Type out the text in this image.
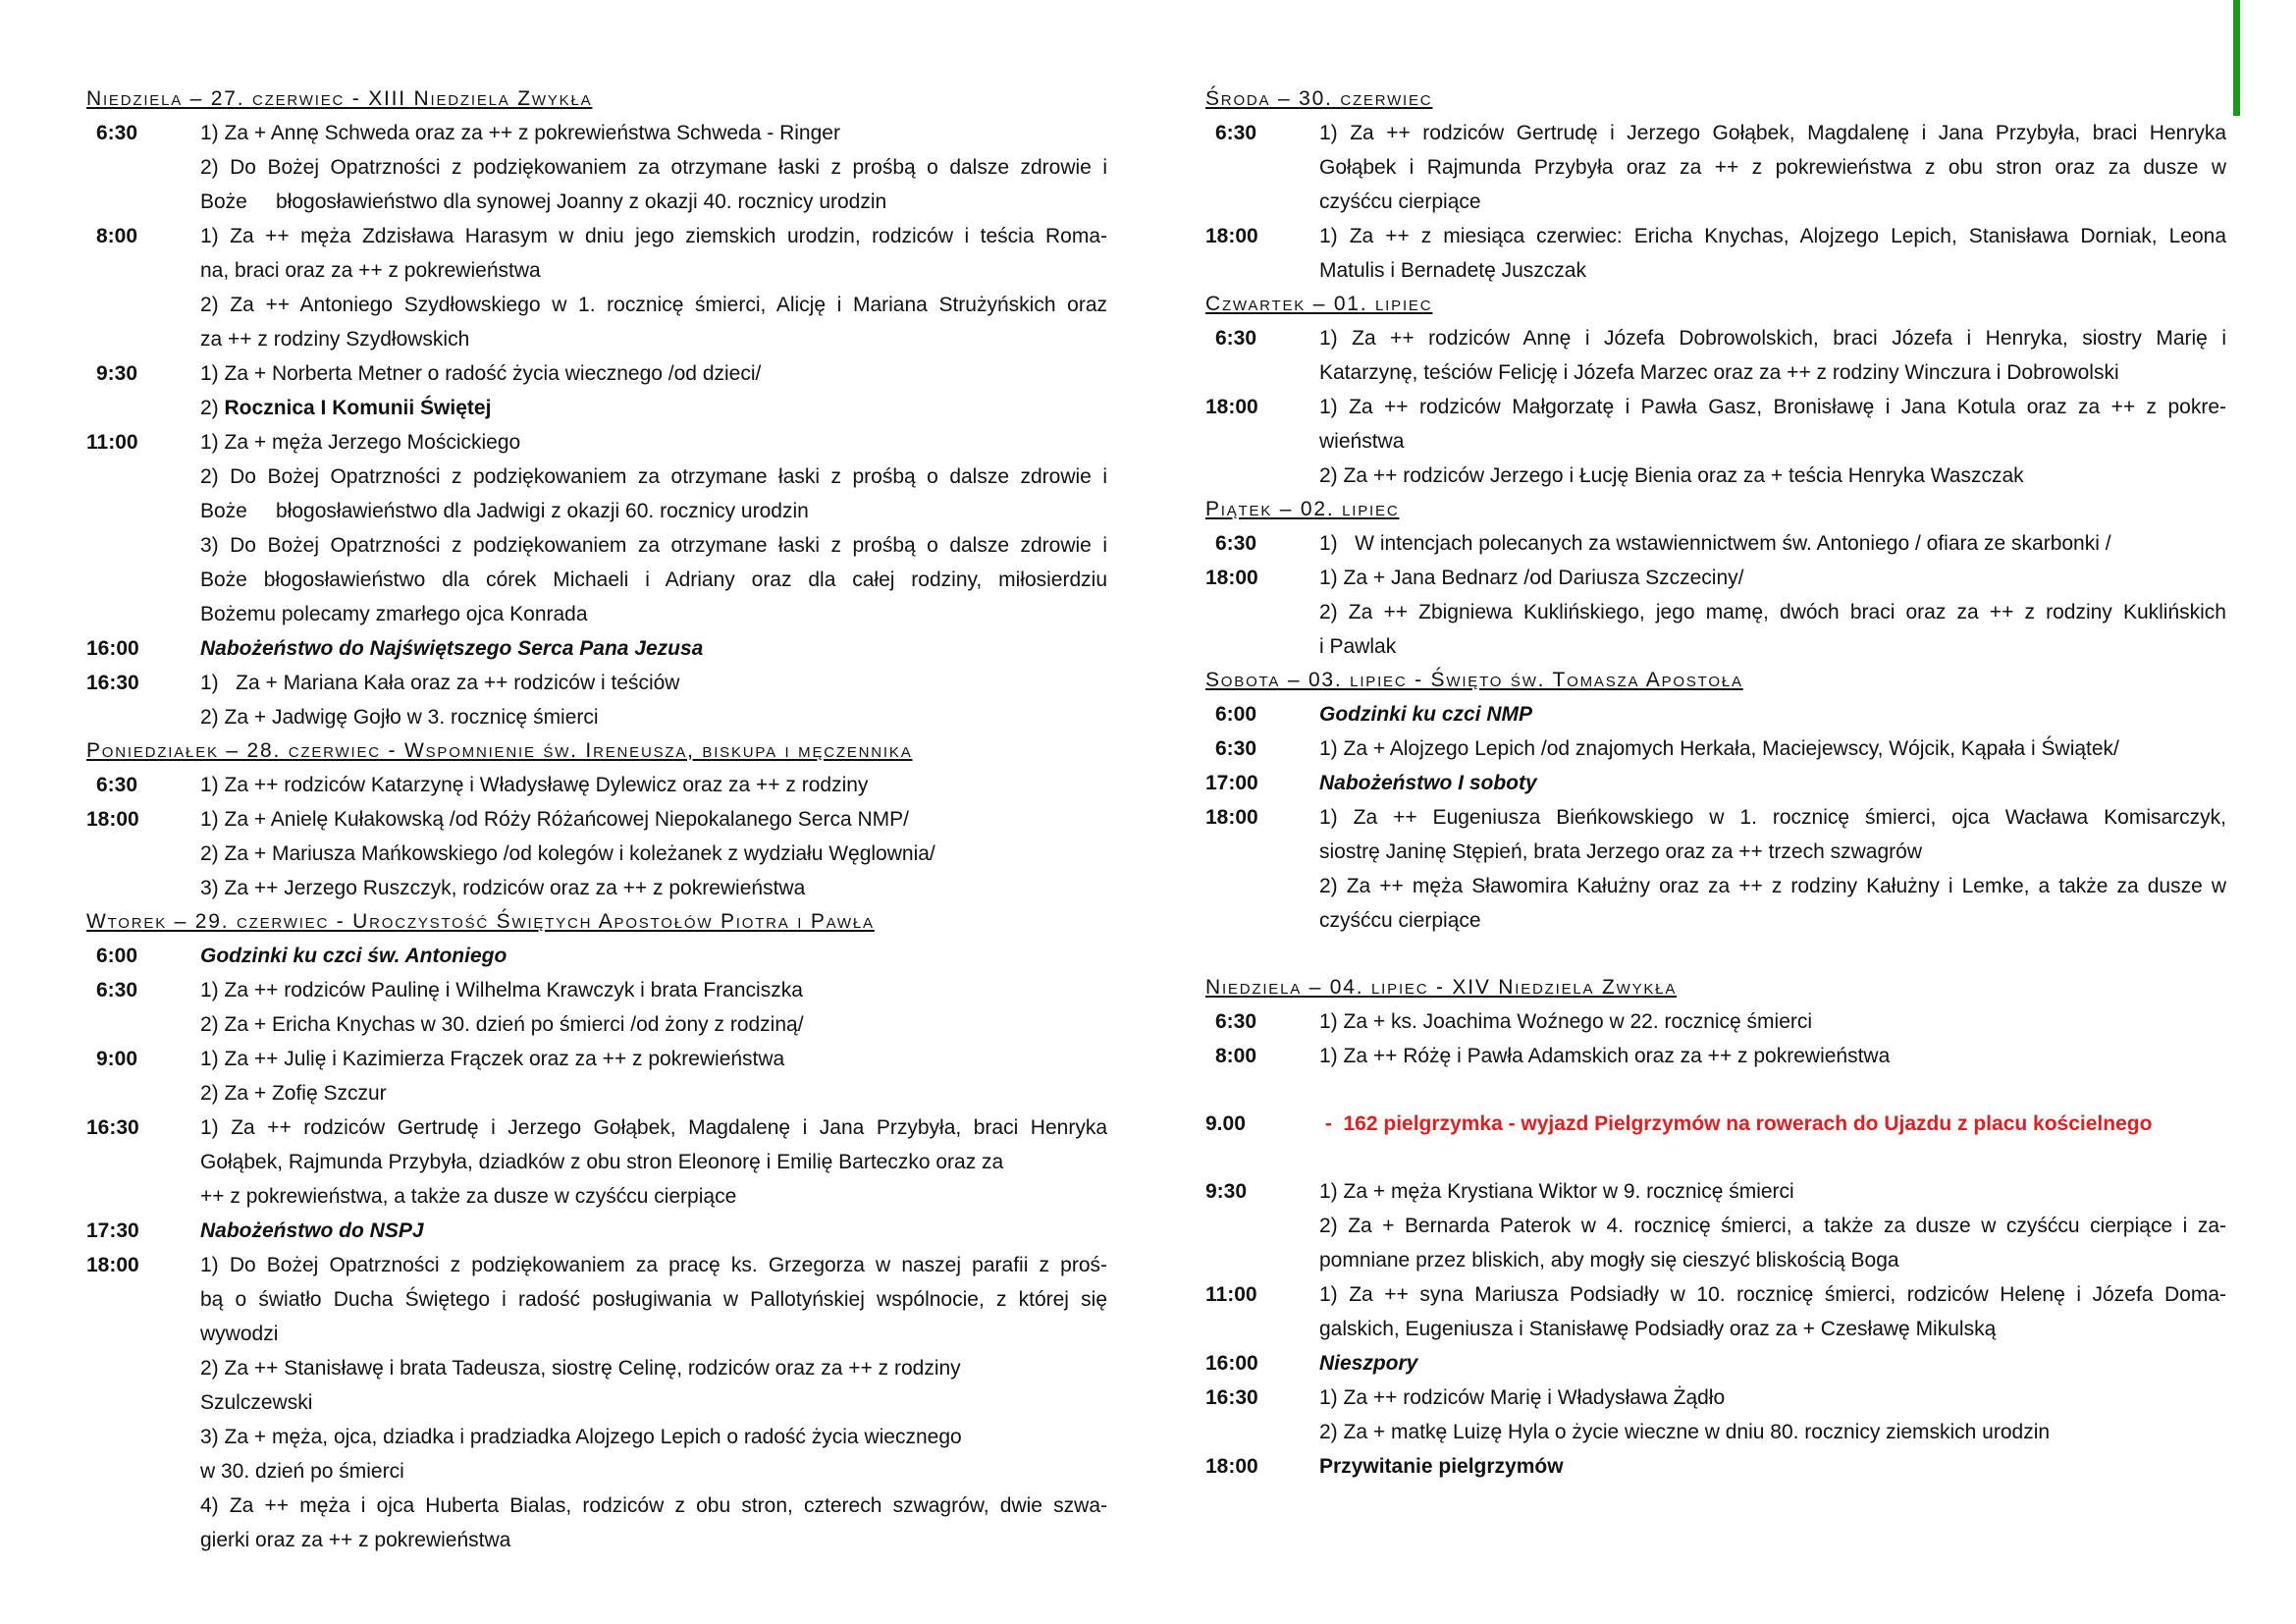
Niedziela – 27. czerwiec - XIII Niedziela Zwykła
6:30	1) Za + Annę Schweda oraz za ++ z pokrewieństwa Schweda - Ringer
2) Do Bożej Opatrzności z podziękowaniem za otrzymane łaski z prośbą o dalsze zdrowie i
Boże     błogosławieństwo dla synowej Joanny z okazji 40. rocznicy urodzin
8:00	1) Za ++ męża Zdzisława Harasym w dniu jego ziemskich urodzin, rodziców i teścia Roma-
na, braci oraz za ++ z pokrewieństwa
2) Za ++ Antoniego Szydłowskiego w 1. rocznicę śmierci, Alicję i Mariana Strużyńskich oraz
za ++ z rodziny Szydłowskich
9:30	1) Za + Norberta Metner o radość życia wiecznego /od dzieci/
2) Rocznica I Komunii Świętej
11:00	1) Za + męża Jerzego Mościckiego
2) Do Bożej Opatrzności z podziękowaniem za otrzymane łaski z prośbą o dalsze zdrowie i
Boże     błogosławieństwo dla Jadwigi z okazji 60. rocznicy urodzin
3) Do Bożej Opatrzności z podziękowaniem za otrzymane łaski z prośbą o dalsze zdrowie i
Boże błogosławieństwo dla córek Michaeli i Adriany oraz dla całej rodziny, miłosierdziu
Bożemu polecamy zmarłego ojca Konrada
16:00	Nabożeństwo do Najświętszego Serca Pana Jezusa
16:30	1)   Za + Mariana Kała oraz za ++ rodziców i teściów
2) Za + Jadwigę Gojło w 3. rocznicę śmierci
Poniedziałek – 28. czerwiec - Wspomnienie św. Ireneusza, biskupa i męczennika
6:30	1) Za ++ rodziców Katarzynę i Władysławę Dylewicz oraz za ++ z rodziny
18:00	1) Za + Anielę Kułakowską /od Róży Różańcowej Niepokalanego Serca NMP/
2) Za + Mariusza Mańkowskiego /od kolegów i koleżanek z wydziału Węglownia/
3) Za ++ Jerzego Ruszczyk, rodziców oraz za ++ z pokrewieństwa
Wtorek – 29. czerwiec - Uroczystość Świętych Apostołów Piotra i Pawła
6:00	Godzinki ku czci św. Antoniego
6:30	1) Za ++ rodziców Paulinę i Wilhelma Krawczyk i brata Franciszka
2) Za + Ericha Knychas w 30. dzień po śmierci /od żony z rodziną/
9:00	1) Za ++ Julię i Kazimierza Frączek oraz za ++ z pokrewieństwa
2) Za + Zofię Szczur
16:30	1) Za ++ rodziców Gertrudę i Jerzego Gołąbek, Magdalenę i Jana Przybyła, braci Henryka
Gołąbek, Rajmunda Przybyła, dziadków z obu stron Eleonorę i Emilię Barteczko oraz za
++ z pokrewieństwa, a także za dusze w czyśćcu cierpiące
17:30	Nabożeństwo do NSPJ
18:00	1) Do Bożej Opatrzności z podziękowaniem za pracę ks. Grzegorza w naszej parafii z proś-
bą o światło Ducha Świętego i radość posługiwania w Pallotyńskiej wspólnocie, z której się
wywodzi
2) Za ++ Stanisławę i brata Tadeusza, siostrę Celinę, rodziców oraz za ++ z rodziny
Szulczewski
3) Za + męża, ojca, dziadka i pradziadka Alojzego Lepich o radość życia wiecznego
w 30. dzień po śmierci
4) Za ++ męża i ojca Huberta Bialas, rodziców z obu stron, czterech szwagrów, dwie szwa-
gierki oraz za ++ z pokrewieństwa
Środa – 30. czerwiec
6:30	1) Za ++ rodziców Gertrudę i Jerzego Gołąbek, Magdalenę i Jana Przybyła, braci Henryka
Gołąbek i Rajmunda Przybyła oraz za ++ z pokrewieństwa z obu stron oraz za dusze w
czyśćcu cierpiące
18:00	1) Za ++ z miesiąca czerwiec: Ericha Knychas, Alojzego Lepich, Stanisława Dorniak, Leona
Matulis i Bernadetę Juszczak
Czwartek – 01. lipiec
6:30	1) Za ++ rodziców Annę i Józefa Dobrowolskich, braci Józefa i Henryka, siostry Marię i
Katarzynę, teściów Felicję i Józefa Marzec oraz za ++ z rodziny Winczura i Dobrowolski
18:00	1) Za ++ rodziców Małgorzatę i Pawła Gasz, Bronisławę i Jana Kotula oraz za ++ z pokre-
wieństwa
2) Za ++ rodziców Jerzego i Łucję Bienia oraz za + teścia Henryka Waszczak
Piątek – 02. lipiec
6:30	1)   W intencjach polecanych za wstawiennictwem św. Antoniego / ofiara ze skarbonki /
18:00	1) Za + Jana Bednarz /od Dariusza Szczeciny/
2) Za ++ Zbigniewa Kuklińskiego, jego mamę, dwóch braci oraz za ++ z rodziny Kuklińskich
i Pawlak
Sobota – 03. lipiec - Święto św. Tomasza Apostoła
6:00	Godzinki ku czci NMP
6:30	1) Za + Alojzego Lepich /od znajomych Herkała, Maciejewscy, Wójcik, Kąpała i Świątek/
17:00	Nabożeństwo I soboty
18:00	1) Za ++ Eugeniusza Bieńkowskiego w 1. rocznicę śmierci, ojca Wacława Komisarczyk,
siostrę Janinę Stępień, brata Jerzego oraz za ++ trzech szwagrów
2) Za ++ męża Sławomira Kałużny oraz za ++ z rodziny Kałużny i Lemke, a także za dusze w
czyśćcu cierpiące
Niedziela – 04. lipiec - XIV Niedziela Zwykła
6:30	1) Za + ks. Joachima Woźnego w 22. rocznicę śmierci
8:00	1) Za ++ Różę i Pawła Adamskich oraz za ++ z pokrewieństwa
9.00	-  162 pielgrzymka - wyjazd Pielgrzymów na rowerach do Ujazdu z placu kościelnego
9:30	1) Za + męża Krystiana Wiktor w 9. rocznicę śmierci
2) Za + Bernarda Paterok w 4. rocznicę śmierci, a także za dusze w czyśćcu cierpiące i za-
pomniane przez bliskich, aby mogły się cieszyć bliskością Boga
11:00	1) Za ++ syna Mariusza Podsiadły w 10. rocznicę śmierci, rodziców Helenę i Józefa Doma-
galskich, Eugeniusza i Stanisławę Podsiadły oraz za + Czesławę Mikulską
16:00	Nieszpory
16:30	1) Za ++ rodziców Marię i Władysława Żądło
2) Za + matkę Luizę Hyla o życie wieczne w dniu 80. rocznicy ziemskich urodzin
18:00	Przywitanie pielgrzymów
